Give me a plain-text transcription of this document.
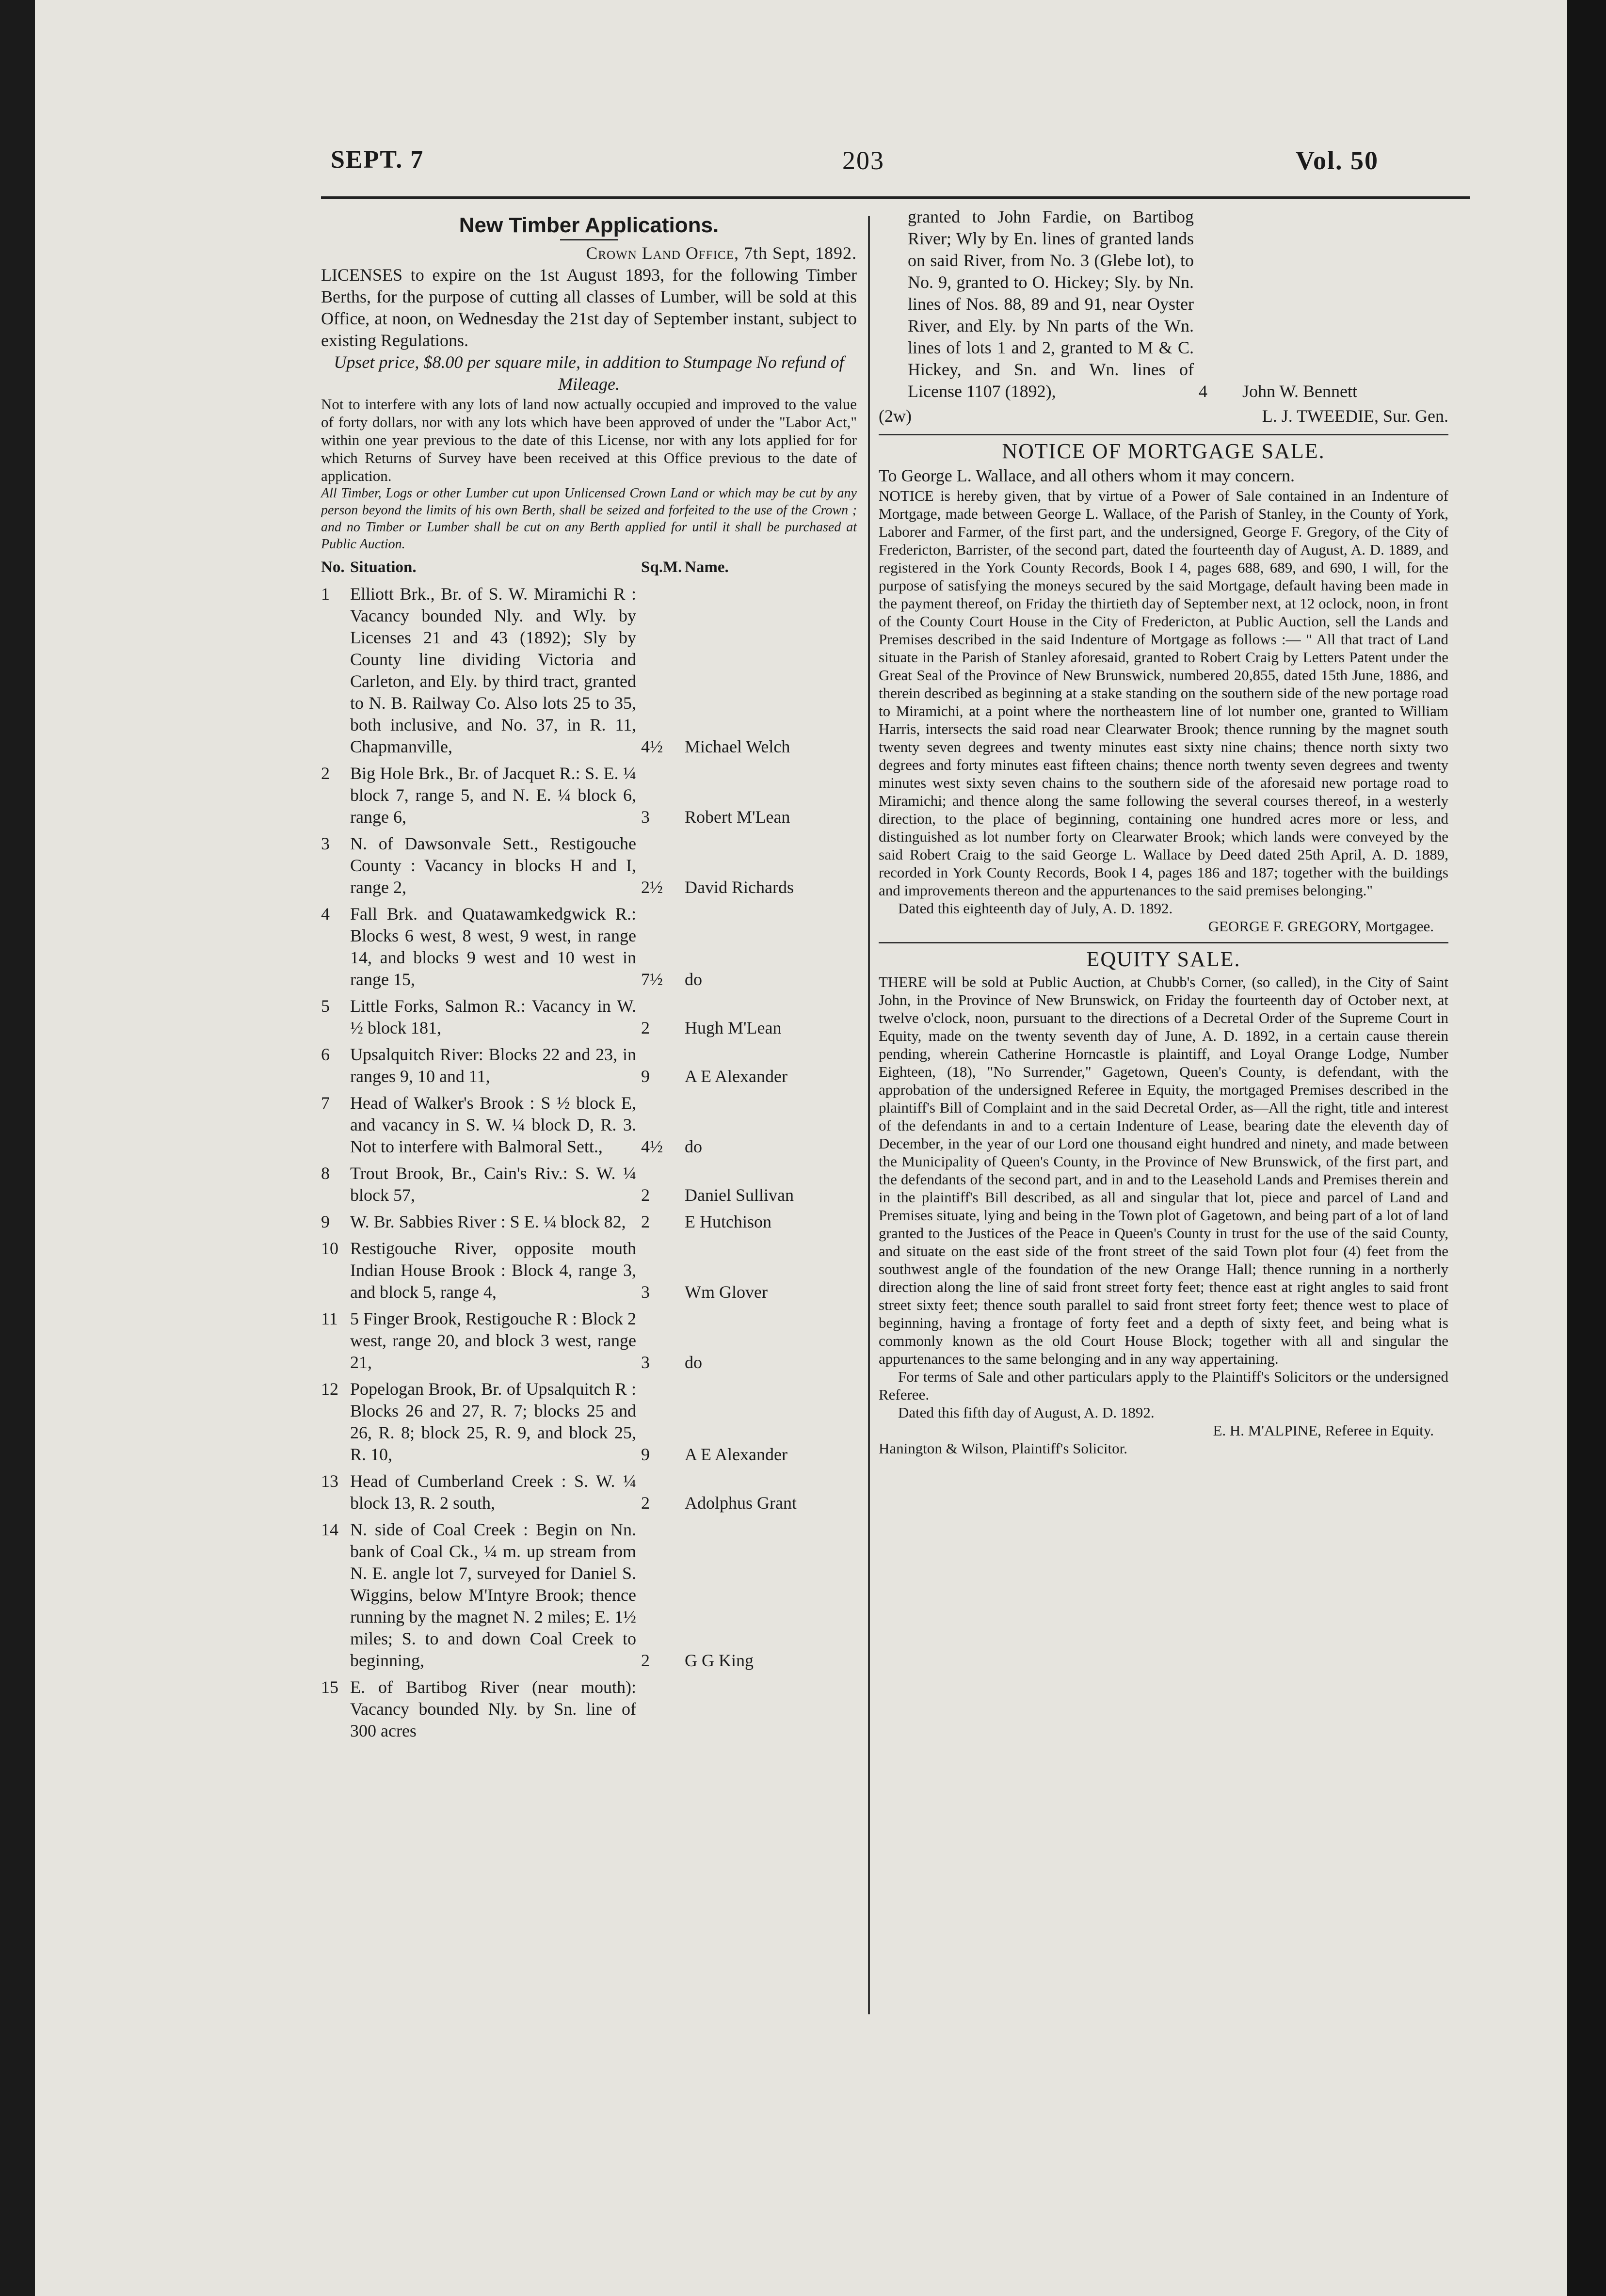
SEPT. 7	203	Vol. 50
New Timber Applications.
Crown Land Office, 7th Sept, 1892.

LICENSES to expire on the 1st August 1893, for the following Timber Berths, for the purpose of cutting all classes of Lumber, will be sold at this Office, at noon, on Wednesday the 21st day of September instant, subject to existing Regulations.

Upset price, $8.00 per square mile, in addition to Stumpage No refund of Mileage.

Not to interfere with any lots of land now actually occupied and improved to the value of forty dollars, nor with any lots which have been approved of under the "Labor Act," within one year previous to the date of this License, nor with any lots applied for for which Returns of Survey have been received at this Office previous to the date of application.

All Timber, Logs or other Lumber cut upon Unlicensed Crown Land or which may be cut by any person beyond the limits of his own Berth, shall be seized and forfeited to the use of the Crown ; and no Timber or Lumber shall be cut on any Berth applied for until it shall be purchased at Public Auction.

No. Situation.	Sq.M. Name.
1	Elliott Brk., Br. of S. W. Miramichi R : Vacancy bounded Nly. and Wly. by Licenses 21 and 43 (1892); Sly by County line dividing Victoria and Carleton, and Ely. by third tract, granted to N. B. Railway Co. Also lots 25 to 35, both inclusive, and No. 37, in R. 11, Chapmanville,	4½	Michael Welch
2	Big Hole Brk., Br. of Jacquet R.: S. E. ¼ block 7, range 5, and N. E. ¼ block 6, range 6,	3	Robert M'Lean
3	N. of Dawsonvale Sett., Restigouche County : Vacancy in blocks H and I, range 2,	2½	David Richards
4	Fall Brk. and Quatawamkedgwick R.: Blocks 6 west, 8 west, 9 west, in range 14, and blocks 9 west and 10 west in range 15,	7½	do
5	Little Forks, Salmon R.: Vacancy in W. ½ block 181,	2	Hugh M'Lean
6	Upsalquitch River: Blocks 22 and 23, in ranges 9, 10 and 11,	9	A E Alexander
7	Head of Walker's Brook : S ½ block E, and vacancy in S. W. ¼ block D, R. 3. Not to interfere with Balmoral Sett.,	4½	do
8	Trout Brook, Br., Cain's Riv.: S. W. ¼ block 57,	2	Daniel Sullivan
9	W. Br. Sabbies River : S E. ¼ block 82, 2	E Hutchison
10 Restigouche River, opposite mouth Indian House Brook : Block 4, range 3, and block 5, range 4,	3	Wm Glover
11 5 Finger Brook, Restigouche R : Block 2 west, range 20, and block 3 west, range 21,	3	do
12 Popelogan Brook, Br. of Upsalquitch R : Blocks 26 and 27, R. 7; blocks 25 and 26, R. 8; block 25, R. 9, and block 25, R. 10,	9	A E Alexander
13 Head of Cumberland Creek : S. W. ¼ block 13, R. 2 south,	2	Adolphus Grant
14 N. side of Coal Creek : Begin on Nn. bank of Coal Ck., ¼ m. up stream from N. E. angle lot 7, surveyed for Daniel S. Wiggins, below M'Intyre Brook; thence running by the magnet N. 2 miles; E. 1½ miles; S. to and down Coal Creek to beginning,	2	G G King
15 E. of Bartibog River (near mouth): Vacancy bounded Nly. by Sn. line of 300 acres
granted to John Fardie, on Bartibog River; Wly by En. lines of granted lands on said River, from No. 3 (Glebe lot), to No. 9, granted to O. Hickey; Sly. by Nn. lines of Nos. 88, 89 and 91, near Oyster River, and Ely. by Nn parts of the Wn. lines of lots 1 and 2, granted to M & C. Hickey, and Sn. and Wn. lines of License 1107 (1892),	4	John W. Bennett
(2w)	L. J. TWEEDIE, Sur. Gen.
NOTICE OF MORTGAGE SALE.

To George L. Wallace, and all others whom it may concern.

NOTICE is hereby given, that by virtue of a Power of Sale contained in an Indenture of Mortgage, made between George L. Wallace, of the Parish of Stanley, in the County of York, Laborer and Farmer, of the first part, and the undersigned, George F. Gregory, of the City of Fredericton, Barrister, of the second part, dated the fourteenth day of August, A. D. 1889, and registered in the York County Records, Book I 4, pages 688, 689, and 690, I will, for the purpose of satisfying the moneys secured by the said Mortgage, default having been made in the payment thereof, on Friday the thirtieth day of September next, at 12 oclock, noon, in front of the County Court House in the City of Fredericton, at Public Auction, sell the Lands and Premises described in the said Indenture of Mortgage as follows :— " All that tract of Land situate in the Parish of Stanley aforesaid, granted to Robert Craig by Letters Patent under the Great Seal of the Province of New Brunswick, numbered 20,855, dated 15th June, 1886, and therein described as beginning at a stake standing on the southern side of the new portage road to Miramichi, at a point where the northeastern line of lot number one, granted to William Harris, intersects the said road near Clearwater Brook; thence running by the magnet south twenty seven degrees and twenty minutes east sixty nine chains; thence north sixty two degrees and forty minutes east fifteen chains; thence north twenty seven degrees and twenty minutes west sixty seven chains to the southern side of the aforesaid new portage road to Miramichi; and thence along the same following the several courses thereof, in a westerly direction, to the place of beginning, containing one hundred acres more or less, and distinguished as lot number forty on Clearwater Brook; which lands were conveyed by the said Robert Craig to the said George L. Wallace by Deed dated 25th April, A. D. 1889, recorded in York County Records, Book I 4, pages 186 and 187; together with the buildings and improvements thereon and the appurtenances to the said premises belonging."

Dated this eighteenth day of July, A. D. 1892.

GEORGE F. GREGORY, Mortgagee.
EQUITY SALE.

THERE will be sold at Public Auction, at Chubb's Corner, (so called), in the City of Saint John, in the Province of New Brunswick, on Friday the fourteenth day of October next, at twelve o'clock, noon, pursuant to the directions of a Decretal Order of the Supreme Court in Equity, made on the twenty seventh day of June, A. D. 1892, in a certain cause therein pending, wherein Catherine Horncastle is plaintiff, and Loyal Orange Lodge, Number Eighteen, (18), "No Surrender," Gagetown, Queen's County, is defendant, with the approbation of the undersigned Referee in Equity, the mortgaged Premises described in the plaintiff's Bill of Complaint and in the said Decretal Order, as—All the right, title and interest of the defendants in and to a certain Indenture of Lease, bearing date the eleventh day of December, in the year of our Lord one thousand eight hundred and ninety, and made between the Municipality of Queen's County, in the Province of New Brunswick, of the first part, and the defendants of the second part, and in and to the Leasehold Lands and Premises therein and in the plaintiff's Bill described, as all and singular that lot, piece and parcel of Land and Premises situate, lying and being in the Town plot of Gagetown, and being part of a lot of land granted to the Justices of the Peace in Queen's County in trust for the use of the said County, and situate on the east side of the front street of the said Town plot four (4) feet from the southwest angle of the foundation of the new Orange Hall; thence running in a northerly direction along the line of said front street forty feet; thence east at right angles to said front street sixty feet; thence south parallel to said front street forty feet; thence west to place of beginning, having a frontage of forty feet and a depth of sixty feet, and being what is commonly known as the old Court House Block; together with all and singular the appurtenances to the same belonging and in any way appertaining.

For terms of Sale and other particulars apply to the Plaintiff's Solicitors or the undersigned Referee.

Dated this fifth day of August, A. D. 1892.

E. H. M'ALPINE, Referee in Equity.
Hanington & Wilson, Plaintiff's Solicitor.
